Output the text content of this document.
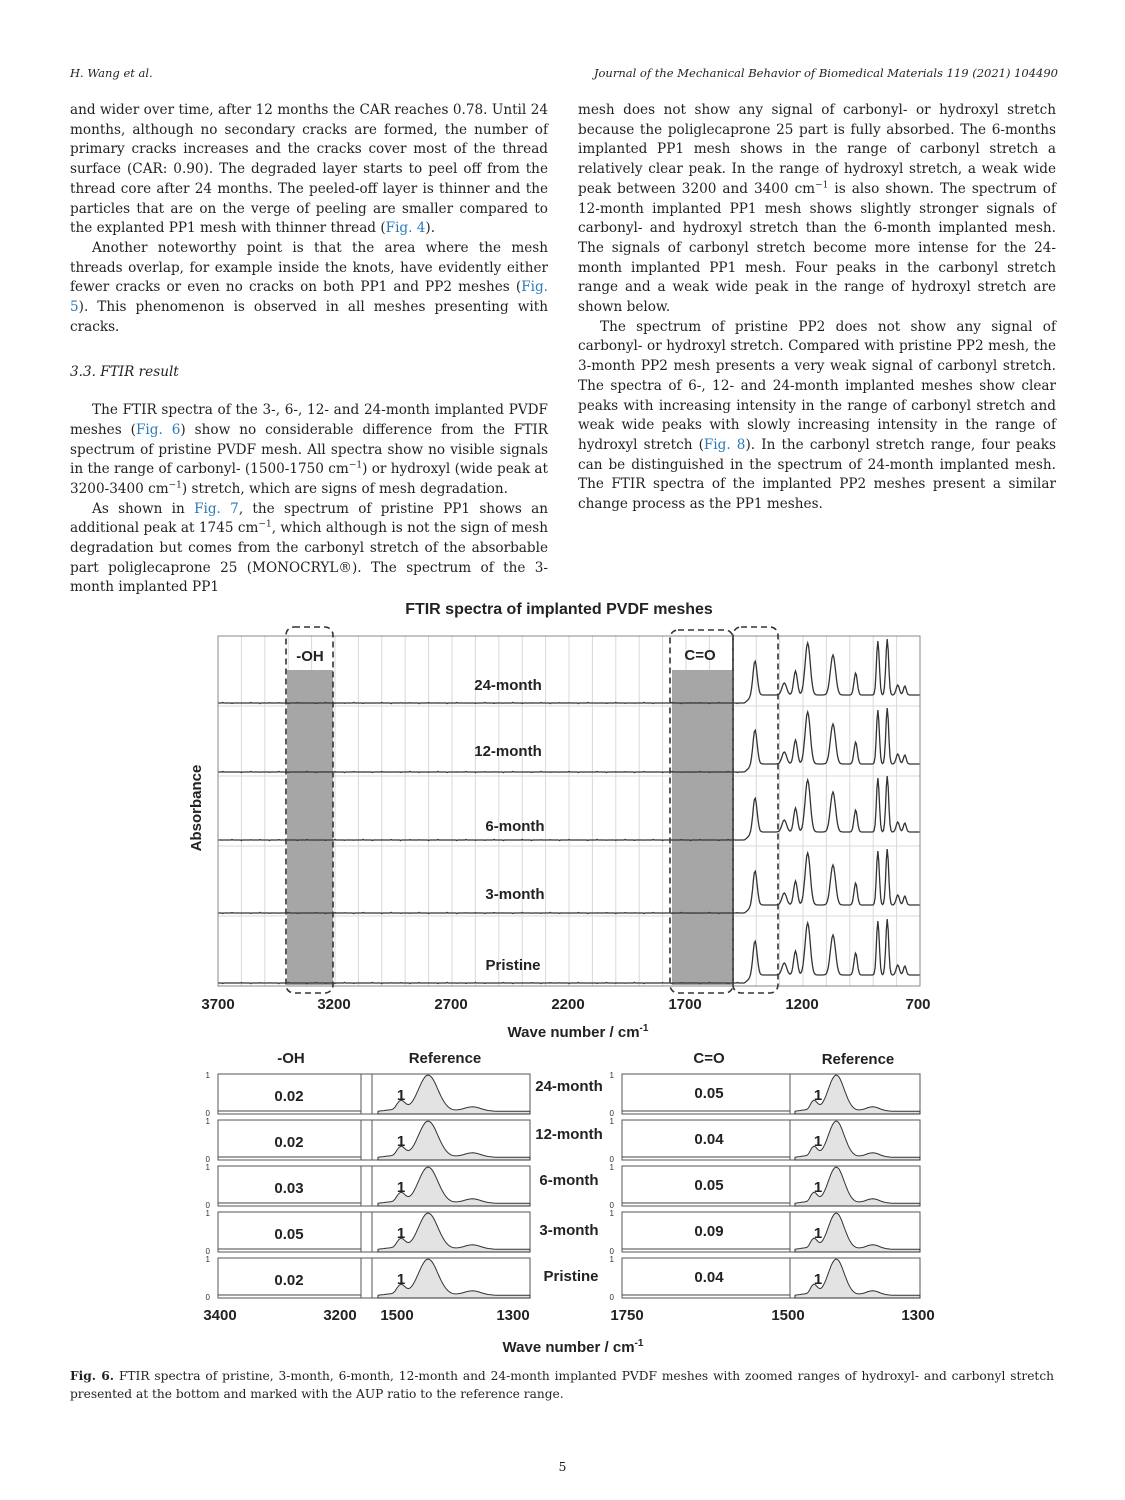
H. Wang et al.	Journal of the Mechanical Behavior of Biomedical Materials 119 (2021) 104490

and wider over time, after 12 months the CAR reaches 0.78. Until 24 months, although no secondary cracks are formed, the number of primary cracks increases and the cracks cover most of the thread surface (CAR: 0.90). The degraded layer starts to peel off from the thread core after 24 months. The peeled-off layer is thinner and the particles that are on the verge of peeling are smaller compared to the explanted PP1 mesh with thinner thread (Fig. 4).

Another noteworthy point is that the area where the mesh threads overlap, for example inside the knots, have evidently either fewer cracks or even no cracks on both PP1 and PP2 meshes (Fig. 5). This phenomenon is observed in all meshes presenting with cracks.

3.3. FTIR result

The FTIR spectra of the 3-, 6-, 12- and 24-month implanted PVDF meshes (Fig. 6) show no considerable difference from the FTIR spectrum of pristine PVDF mesh. All spectra show no visible signals in the range of carbonyl- (1500-1750 $cm^{-1}$) or hydroxyl (wide peak at 3200-3400 $cm^{-1}$) stretch, which are signs of mesh degradation.

As shown in Fig. 7, the spectrum of pristine PP1 shows an additional peak at 1745 $cm^{-1}$, which although is not the sign of mesh degradation but comes from the carbonyl stretch of the absorbable part poliglecaprone 25 (MONOCRYL®). The spectrum of the 3-month implanted PP1

mesh does not show any signal of carbonyl- or hydroxyl stretch because the poliglecaprone 25 part is fully absorbed. The 6-months implanted PP1 mesh shows in the range of carbonyl stretch a relatively clear peak. In the range of hydroxyl stretch, a weak wide peak between 3200 and 3400 $cm^{-1}$ is also shown. The spectrum of 12-month implanted PP1 mesh shows slightly stronger signals of carbonyl- and hydroxyl stretch than the 6-month implanted mesh. The signals of carbonyl stretch become more intense for the 24-month implanted PP1 mesh. Four peaks in the carbonyl stretch range and a weak wide peak in the range of hydroxyl stretch are shown below.

The spectrum of pristine PP2 does not show any signal of carbonyl- or hydroxyl stretch. Compared with pristine PP2 mesh, the 3-month PP2 mesh presents a very weak signal of carbonyl stretch. The spectra of 6-, 12- and 24-month implanted meshes show clear peaks with increasing intensity in the range of carbonyl stretch and weak wide peaks with slowly increasing intensity in the range of hydroxyl stretch (Fig. 8). In the carbonyl stretch range, four peaks can be distinguished in the spectrum of 24-month implanted mesh. The FTIR spectra of the implanted PP2 meshes present a similar change process as the PP1 meshes.

FTIR spectra of implanted PVDF meshes
-OH	C=O
24-month
12-month
6-month
3-month
Pristine
Absorbance
3700	3200	2700	2200	1700	1200	700
Wave number / $cm^{-1}$
-OH	Reference	C=O	Reference
1
0
1
0
0.02	1	0.05	1
24-month
1
0
1
0
0.02	1	0.04	1
12-month
1
0
1
0
0.03	1	0.05	1
6-month
1
0
1
0
0.05	1	0.09	1
3-month
1
0
1
0
0.02	1	0.04	1
Pristine
3400	3200 1500	1300	1750	1500	1300
Wave number / $cm^{-1}$
Fig. 6. FTIR spectra of pristine, 3-month, 6-month, 12-month and 24-month implanted PVDF meshes with zoomed ranges of hydroxyl- and carbonyl stretch presented at the bottom and marked with the AUP ratio to the reference range.
5
